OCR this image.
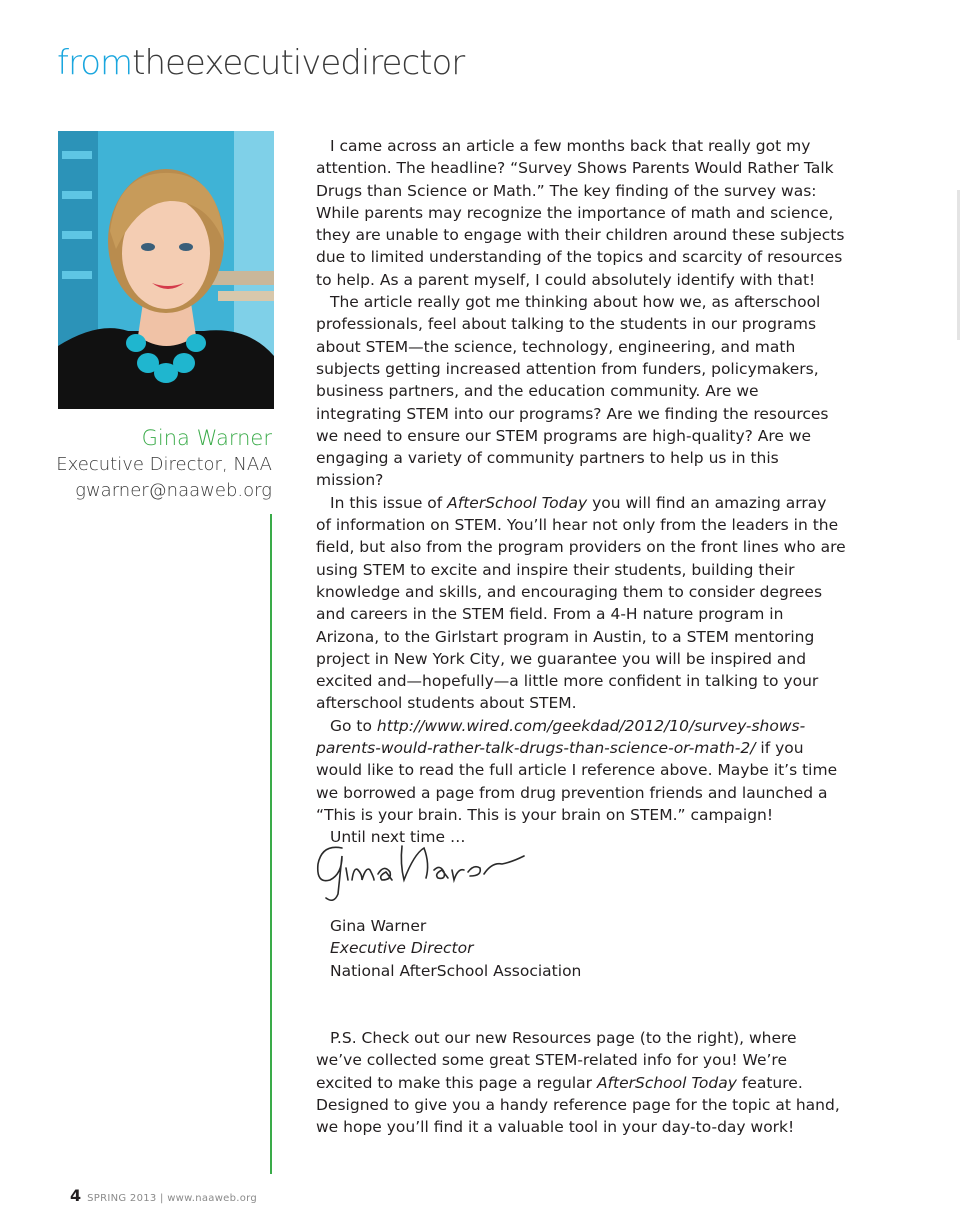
fromtheexecutivedirector
Gina Warner
Executive Director, NAA
gwarner@naaweb.org

I came across an article a few months back that really got my attention. The headline? “Survey Shows Parents Would Rather Talk Drugs than Science or Math.” The key finding of the survey was: While parents may recognize the importance of math and science, they are unable to engage with their children around these subjects due to limited understanding of the topics and scarcity of resources to help. As a parent myself, I could absolutely identify with that!

The article really got me thinking about how we, as afterschool professionals, feel about talking to the students in our programs about STEM—the science, technology, engineering, and math subjects getting increased attention from funders, policymakers, business partners, and the education community. Are we integrating STEM into our programs? Are we finding the resources we need to ensure our STEM programs are high-quality? Are we engaging a variety of community partners to help us in this mission?

In this issue of AfterSchool Today you will find an amazing array of information on STEM. You’ll hear not only from the leaders in the field, but also from the program providers on the front lines who are using STEM to excite and inspire their students, building their knowledge and skills, and encouraging them to consider degrees and careers in the STEM field. From a 4-H nature program in Arizona, to the Girlstart program in Austin, to a STEM mentoring project in New York City, we guarantee you will be inspired and excited and—hopefully—a little more confident in talking to your afterschool students about STEM.

Go to http://www.wired.com/geekdad/2012/10/survey-shows-parents-would-rather-talk-drugs-than-science-or-math-2/ if you would like to read the full article I reference above. Maybe it’s time we borrowed a page from drug prevention friends and launched a “This is your brain. This is your brain on STEM.” campaign!

Until next time …

Gina Warner
Executive Director
National AfterSchool Association

P.S. Check out our new Resources page (to the right), where we’ve collected some great STEM-related info for you! We’re excited to make this page a regular AfterSchool Today feature. Designed to give you a handy reference page for the topic at hand, we hope you’ll find it a valuable tool in your day-to-day work!

4 SPRING 2013 | www.naaweb.org
